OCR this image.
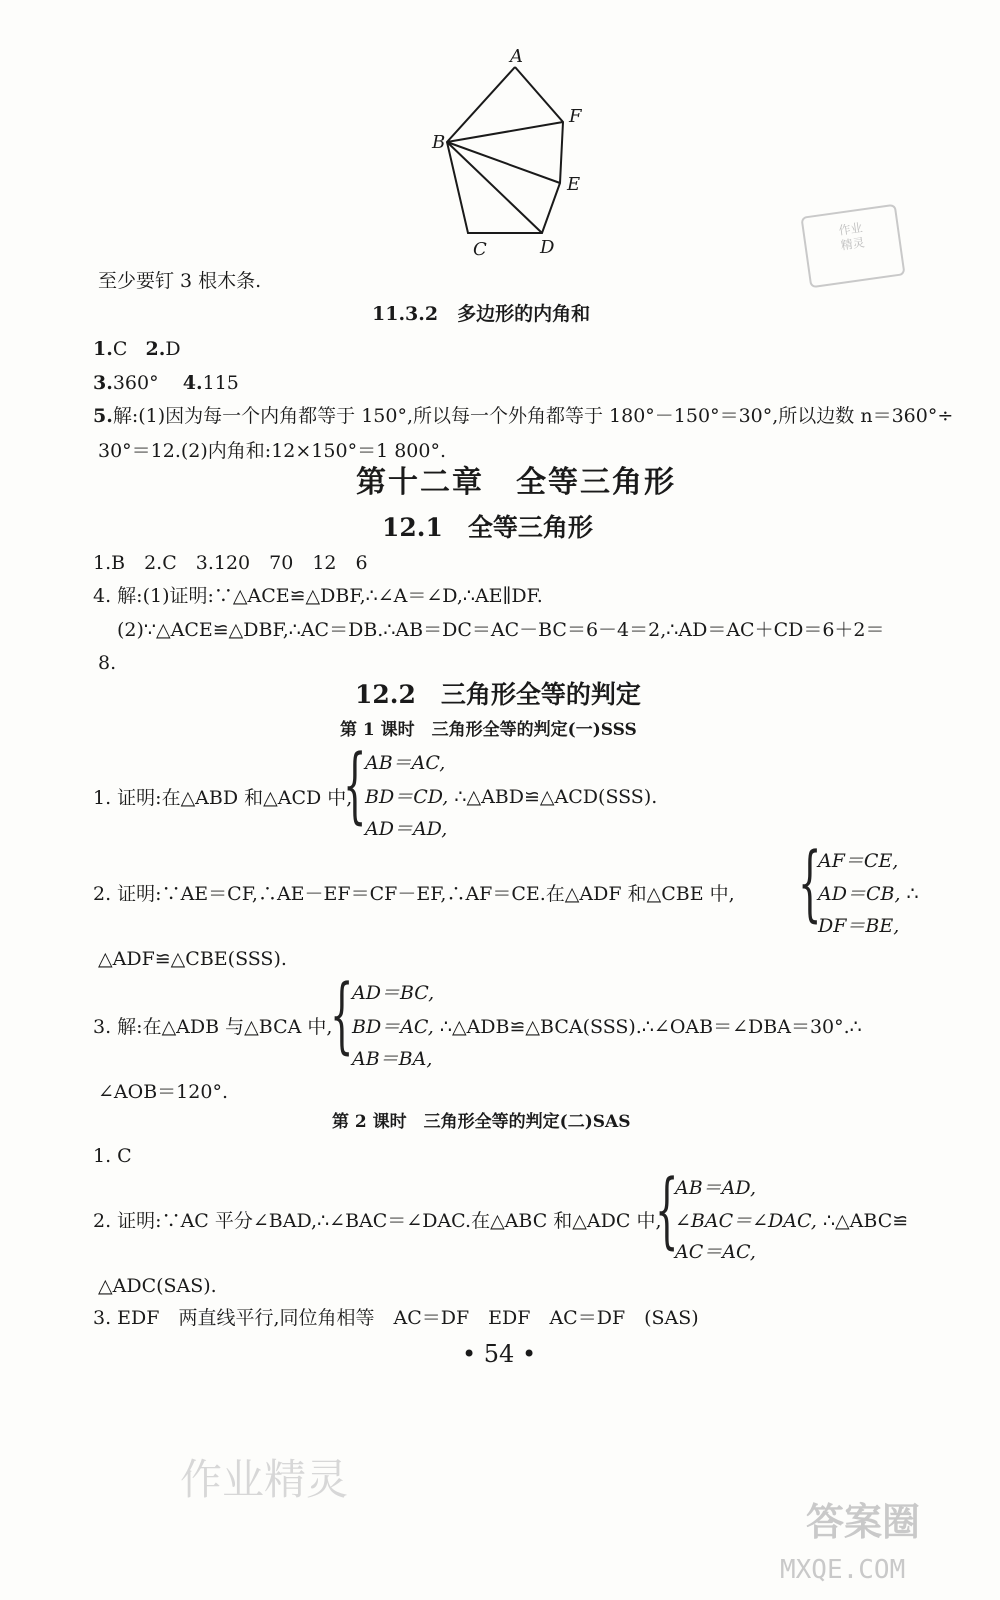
A
B
C	D
E
F
作业
精灵
至少要钉 3 根木条.
11.3.2　多边形的内角和
1.C 2.D
3.360° 4.115
5.解:(1)因为每一个内角都等于 150°,所以每一个外角都等于 180°－150°＝30°,所以边数 n＝360°÷
30°＝12.(2)内角和:12×150°＝1 800°.
第十二章　全等三角形
12.1　全等三角形
1.B　2.C　3.120　70　12　6
4. 解:(1)证明:∵△ACE≌△DBF,∴∠A＝∠D,∴AE∥DF.
(2)∵△ACE≌△DBF,∴AC＝DB.∴AB＝DC＝AC－BC＝6－4＝2,∴AD＝AC＋CD＝6＋2＝
8.
12.2　三角形全等的判定
第 1 课时　三角形全等的判定(一)SSS
1. 证明:在△ABD 和△ACD 中,
{
AB＝AC,
BD＝CD, ∴△ABD≌△ACD(SSS).
AD＝AD,
2. 证明:∵AE＝CF,∴AE－EF＝CF－EF,∴AF＝CE.在△ADF 和△CBE 中, {
AF＝CE,
AD＝CB, ∴
DF＝BE,
△ADF≌△CBE(SSS).
3. 解:在△ADB 与△BCA 中,
{
AD＝BC,
BD＝AC, ∴△ADB≌△BCA(SSS).∴∠OAB＝∠DBA＝30°.∴
AB＝BA,
∠AOB＝120°.
第 2 课时　三角形全等的判定(二)SAS
1. C
2. 证明:∵AC 平分∠BAD,∴∠BAC＝∠DAC.在△ABC 和△ADC 中,
{
AB＝AD,
∠BAC＝∠DAC, ∴△ABC≌
AC＝AC,
△ADC(SAS).
3. EDF　两直线平行,同位角相等　AC＝DF　EDF　AC＝DF　(SAS)
• 54 •
作业精灵
答案圈
MXQE.COM
